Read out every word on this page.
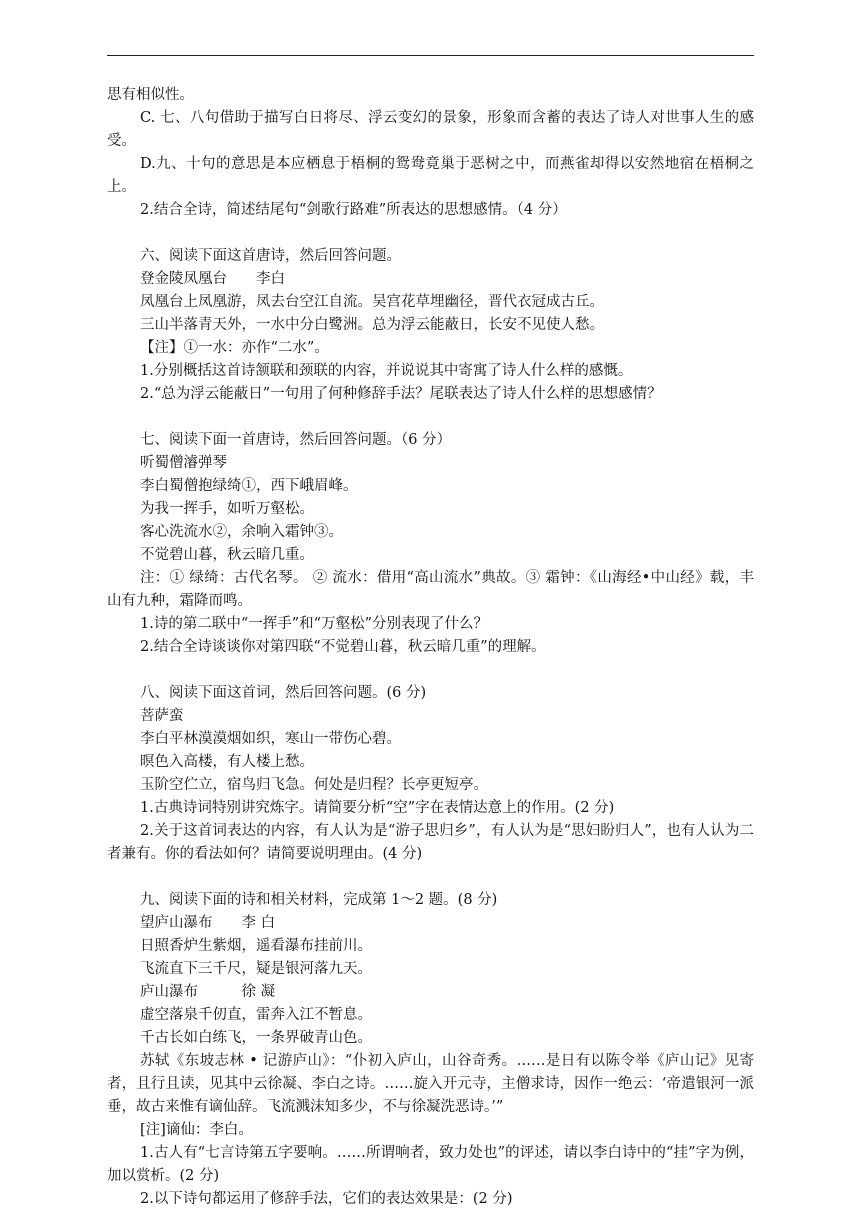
思有相似性。

C. 七、八句借助于描写白日将尽、浮云变幻的景象，形象而含蓄的表达了诗人对世事人生的感受。

D.九、十句的意思是本应栖息于梧桐的鸳鸯竟巢于恶树之中，而燕雀却得以安然地宿在梧桐之上。

2.结合全诗，简述结尾句“剑歌行路难”所表达的思想感情。（4 分）

六、阅读下面这首唐诗，然后回答问题。

登金陵凤凰台　　李白

凤凰台上凤凰游，凤去台空江自流。吴宫花草埋幽径，晋代衣冠成古丘。

三山半落青天外，一水中分白鹭洲。总为浮云能蔽日，长安不见使人愁。

【注】①一水：亦作“二水”。

1.分别概括这首诗颔联和颈联的内容，并说说其中寄寓了诗人什么样的感慨。

2.“总为浮云能蔽日”一句用了何种修辞手法？尾联表达了诗人什么样的思想感情？

七、阅读下面一首唐诗，然后回答问题。（6 分）

听蜀僧濬弹琴

李白蜀僧抱绿绮①，西下峨眉峰。

为我一挥手，如听万壑松。

客心洗流水②，余响入霜钟③。

不觉碧山暮，秋云暗几重。

注：① 绿绮：古代名琴。 ② 流水：借用“高山流水”典故。③ 霜钟：《山海经•中山经》载，丰山有九种，霜降而鸣。

1.诗的第二联中“一挥手”和“万壑松”分别表现了什么？

2.结合全诗谈谈你对第四联“不觉碧山暮，秋云暗几重”的理解。

八、阅读下面这首词，然后回答问题。(6 分)

菩萨蛮

李白平林漠漠烟如织，寒山一带伤心碧。

暝色入高楼，有人楼上愁。

玉阶空伫立，宿鸟归飞急。何处是归程？长亭更短亭。

1.古典诗词特别讲究炼字。请简要分析“空”字在表情达意上的作用。(2 分)

2.关于这首词表达的内容，有人认为是“游子思归乡”，有人认为是“思妇盼归人”，也有人认为二者兼有。你的看法如何？请简要说明理由。(4 分)

九、阅读下面的诗和相关材料，完成第 1～2 题。(8 分)

望庐山瀑布　　李 白

日照香炉生紫烟，遥看瀑布挂前川。

飞流直下三千尺，疑是银河落九天。

庐山瀑布　　　徐 凝

虚空落泉千仞直，雷奔入江不暂息。

千古长如白练飞，一条界破青山色。

苏轼《东坡志林 • 记游庐山》：“仆初入庐山，山谷奇秀。……是日有以陈令举《庐山记》见寄者，且行且读，见其中云徐凝、李白之诗。……旋入开元寺，主僧求诗，因作一绝云：‘帝遣银河一派垂，故古来惟有谪仙辞。飞流溅沫知多少，不与徐凝洗恶诗。’”

[注]谪仙：李白。

1.古人有“七言诗第五字要响。……所谓响者，致力处也”的评述，请以李白诗中的“挂”字为例，加以赏析。(2 分)

2.以下诗句都运用了修辞手法，它们的表达效果是：(2 分)
